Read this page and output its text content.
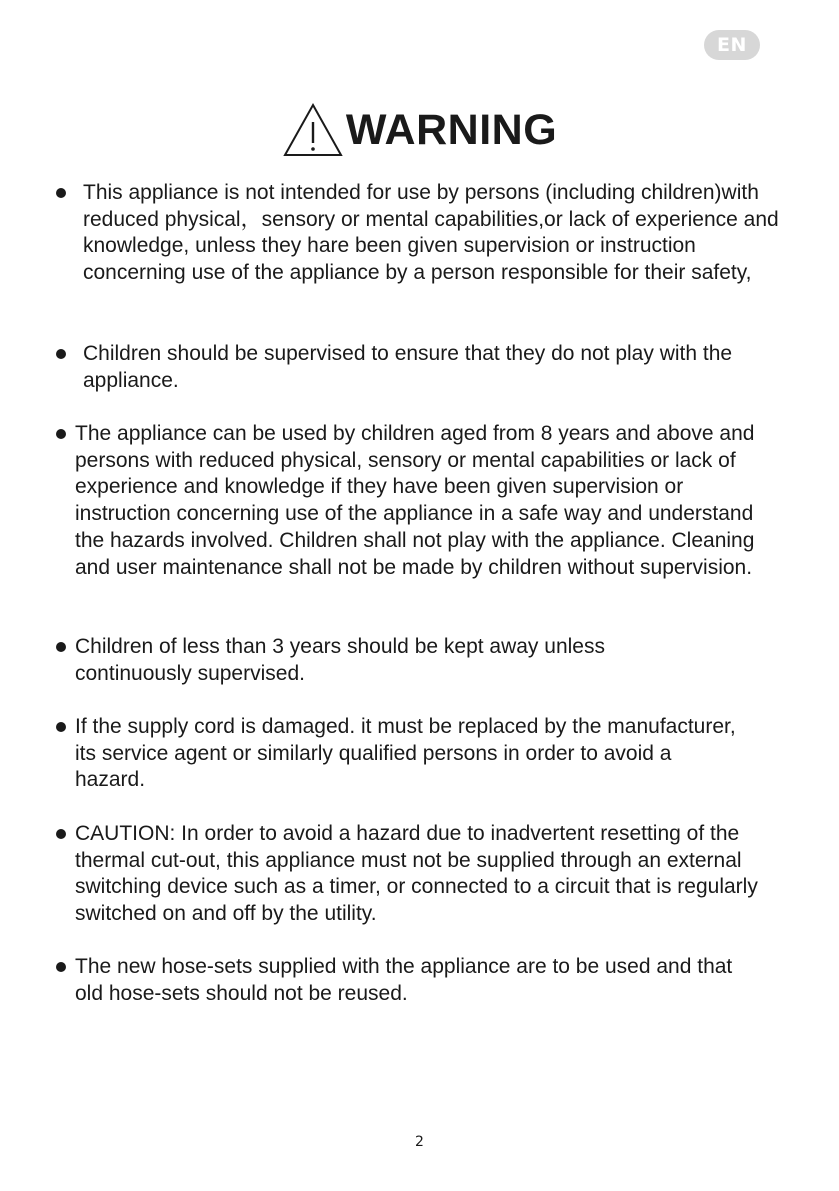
EN
WARNING

This appliance is not intended for use by persons (including children)with reduced physical，sensory or mental capabilities,or lack of experience and knowledge, unless they hare been given supervision or instruction concerning use of the appliance by a person responsible for their safety,

Children should be supervised to ensure that they do not play with the appliance.

The appliance can be used by children aged from 8 years and above and persons with reduced physical, sensory or mental capabilities or lack of experience and knowledge if they have been given supervision or instruction concerning use of the appliance in a safe way and understand the hazards involved. Children shall not play with the appliance. Cleaning and user maintenance shall not be made by children without supervision.

Children of less than 3 years should be kept away unless continuously supervised.

If the supply cord is damaged. it must be replaced by the manufacturer, its service agent or similarly qualified persons in order to avoid a hazard.

CAUTION: In order to avoid a hazard due to inadvertent resetting of the thermal cut-out, this appliance must not be supplied through an external switching device such as a timer, or connected to a circuit that is regularly switched on and off by the utility.

The new hose-sets supplied with the appliance are to be used and that old hose-sets should not be reused.

2
